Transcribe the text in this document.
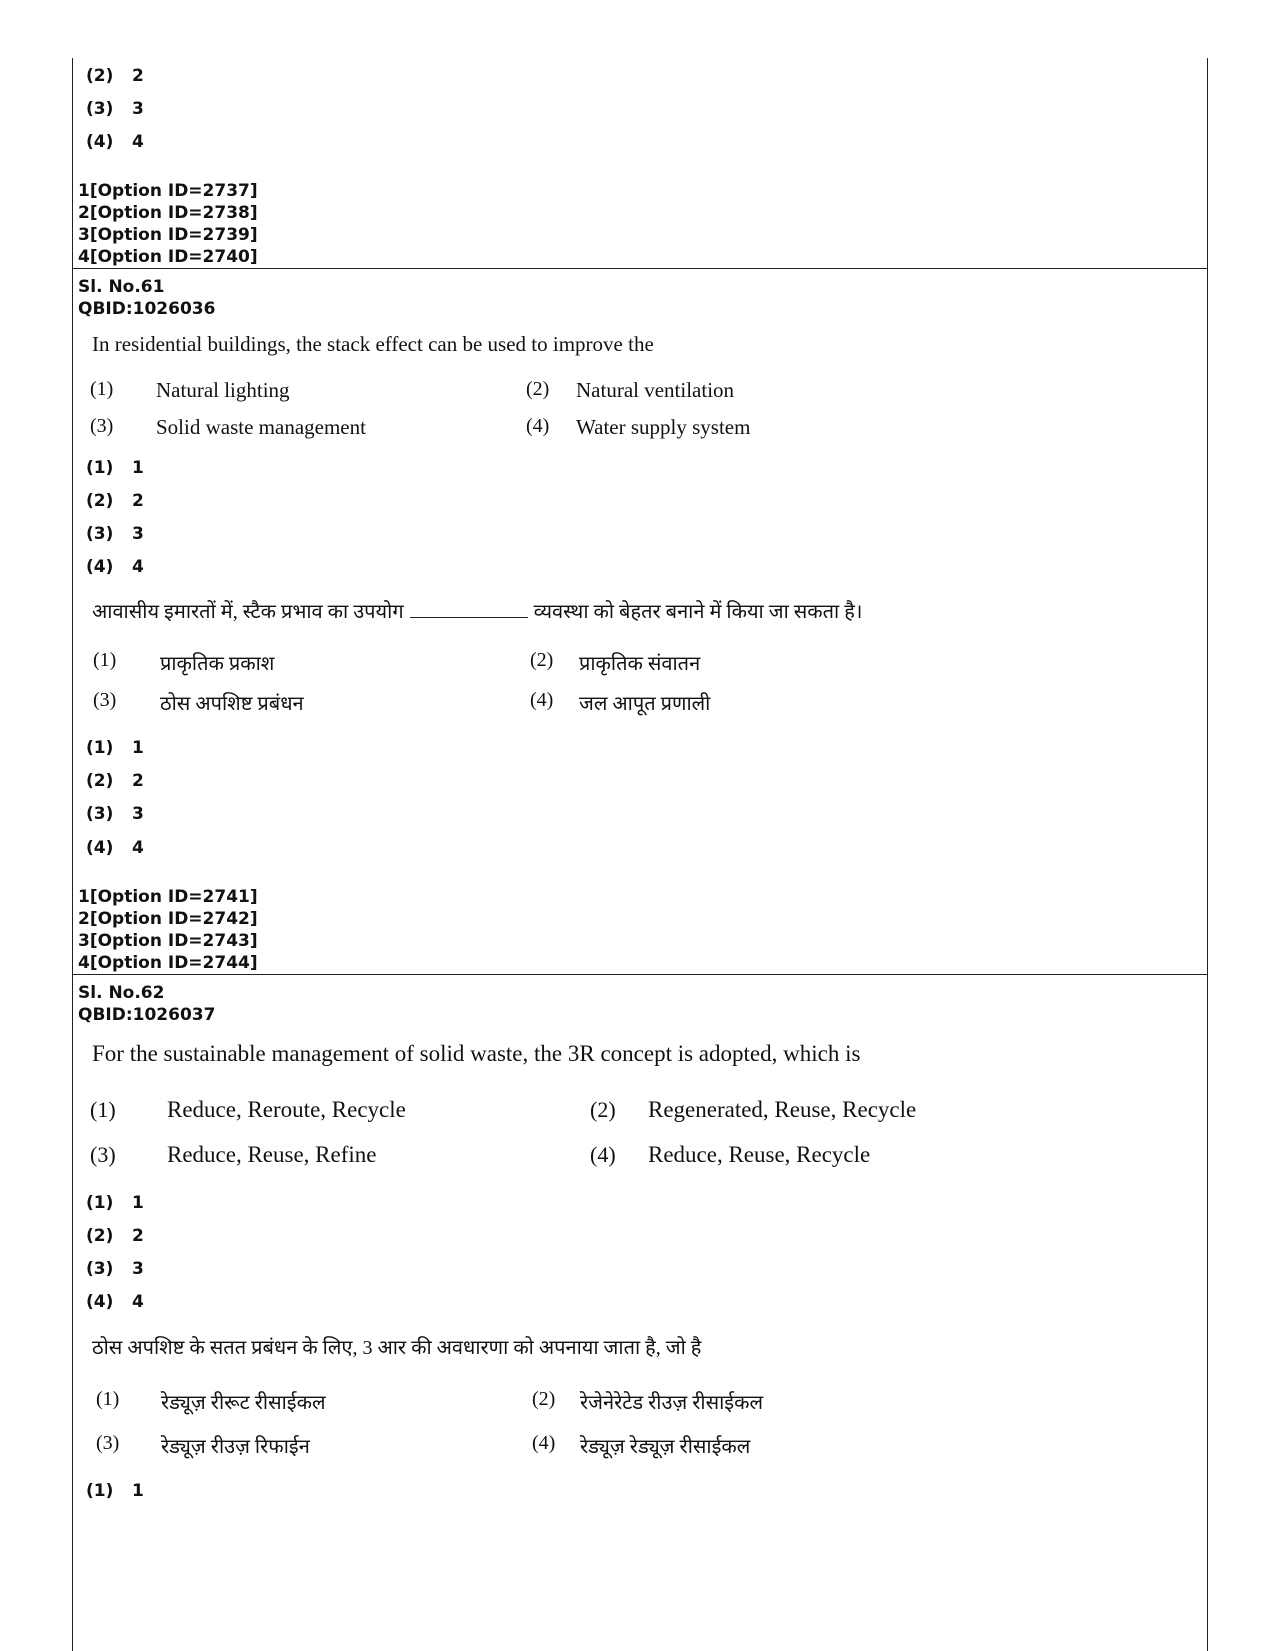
(2) 2
(3) 3
(4) 4
1[Option ID=2737]
2[Option ID=2738]
3[Option ID=2739]
4[Option ID=2740]
Sl. No.61
QBID:1026036
In residential buildings, the stack effect can be used to improve the
(1) Natural lighting	(2) Natural ventilation
(3) Solid waste management	(4) Water supply system
(1) 1
(2) 2
(3) 3
(4) 4
आवासीय इमारतों में, स्टैक प्रभाव का उपयोग	व्यवस्था को बेहतर बनाने में किया जा सकता है।
(1) प्राकृतिक प्रकाश	(2) प्राकृतिक संवातन
(3) ठोस अपशिष्ट प्रबंधन	(4) जल आपूत प्रणाली
(1) 1
(2) 2
(3) 3
(4) 4
1[Option ID=2741]
2[Option ID=2742]
3[Option ID=2743]
4[Option ID=2744]
Sl. No.62
QBID:1026037
For the sustainable management of solid waste, the 3R concept is adopted, which is
(1) Reduce, Reroute, Recycle	(2) Regenerated, Reuse, Recycle
(3) Reduce, Reuse, Refine	(4) Reduce, Reuse, Recycle
(1) 1
(2) 2
(3) 3
(4) 4
ठोस अपशिष्ट के सतत प्रबंधन के लिए, 3 आर की अवधारणा को अपनाया जाता है, जो है
(1) रेड्यूज़ रीरूट रीसाईकल	(2) रेजेनेरेटेड रीउज़ रीसाईकल
(3) रेड्यूज़ रीउज़ रिफाईन	(4) रेड्यूज़ रेड्यूज़ रीसाईकल
(1) 1
